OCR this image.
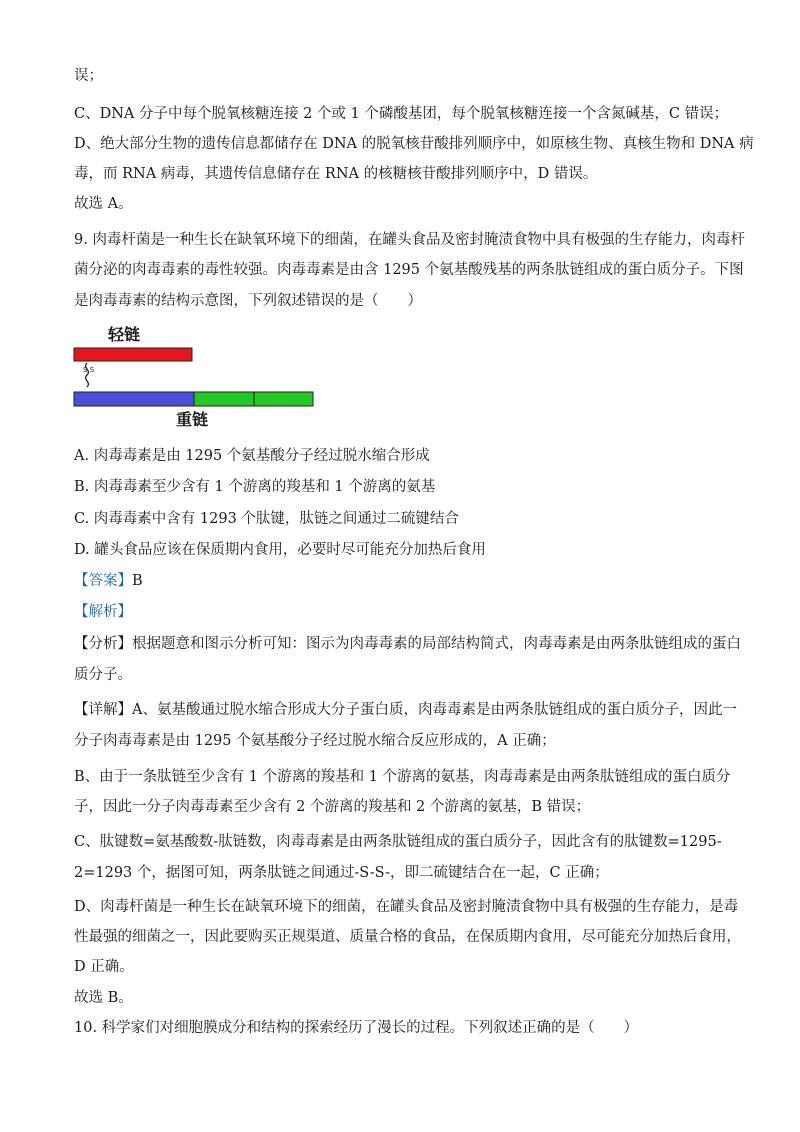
误；
C、DNA 分子中每个脱氧核糖连接 2 个或 1 个磷酸基团，每个脱氧核糖连接一个含氮碱基，C 错误；
D、绝大部分生物的遗传信息都储存在 DNA 的脱氧核苷酸排列顺序中，如原核生物、真核生物和 DNA 病
毒，而 RNA 病毒，其遗传信息储存在 RNA 的核糖核苷酸排列顺序中，D 错误。
故选 A。
9. 肉毒杆菌是一种生长在缺氧环境下的细菌，在罐头食品及密封腌渍食物中具有极强的生存能力，肉毒杆
菌分泌的肉毒毒素的毒性较强。肉毒毒素是由含 1295 个氨基酸残基的两条肽链组成的蛋白质分子。下图
是肉毒毒素的结构示意图，下列叙述错误的是（　　）
轻链
S S
重链
A. 肉毒毒素是由 1295 个氨基酸分子经过脱水缩合形成
B. 肉毒毒素至少含有 1 个游离的羧基和 1 个游离的氨基
C. 肉毒毒素中含有 1293 个肽键，肽链之间通过二硫键结合
D. 罐头食品应该在保质期内食用，必要时尽可能充分加热后食用
【答案】B
【解析】
【分析】根据题意和图示分析可知：图示为肉毒毒素的局部结构简式，肉毒毒素是由两条肽链组成的蛋白
质分子。
【详解】A、氨基酸通过脱水缩合形成大分子蛋白质，肉毒毒素是由两条肽链组成的蛋白质分子，因此一
分子肉毒毒素是由 1295 个氨基酸分子经过脱水缩合反应形成的，A 正确；
B、由于一条肽链至少含有 1 个游离的羧基和 1 个游离的氨基，肉毒毒素是由两条肽链组成的蛋白质分
子，因此一分子肉毒毒素至少含有 2 个游离的羧基和 2 个游离的氨基，B 错误；
C、肽键数=氨基酸数-肽链数，肉毒毒素是由两条肽链组成的蛋白质分子，因此含有的肽键数=1295-
2=1293 个，据图可知，两条肽链之间通过-S-S-，即二硫键结合在一起，C 正确；
D、肉毒杆菌是一种生长在缺氧环境下的细菌，在罐头食品及密封腌渍食物中具有极强的生存能力，是毒
性最强的细菌之一，因此要购买正规渠道、质量合格的食品，在保质期内食用，尽可能充分加热后食用，
D 正确。
故选 B。
10. 科学家们对细胞膜成分和结构的探索经历了漫长的过程。下列叙述正确的是（　　）
